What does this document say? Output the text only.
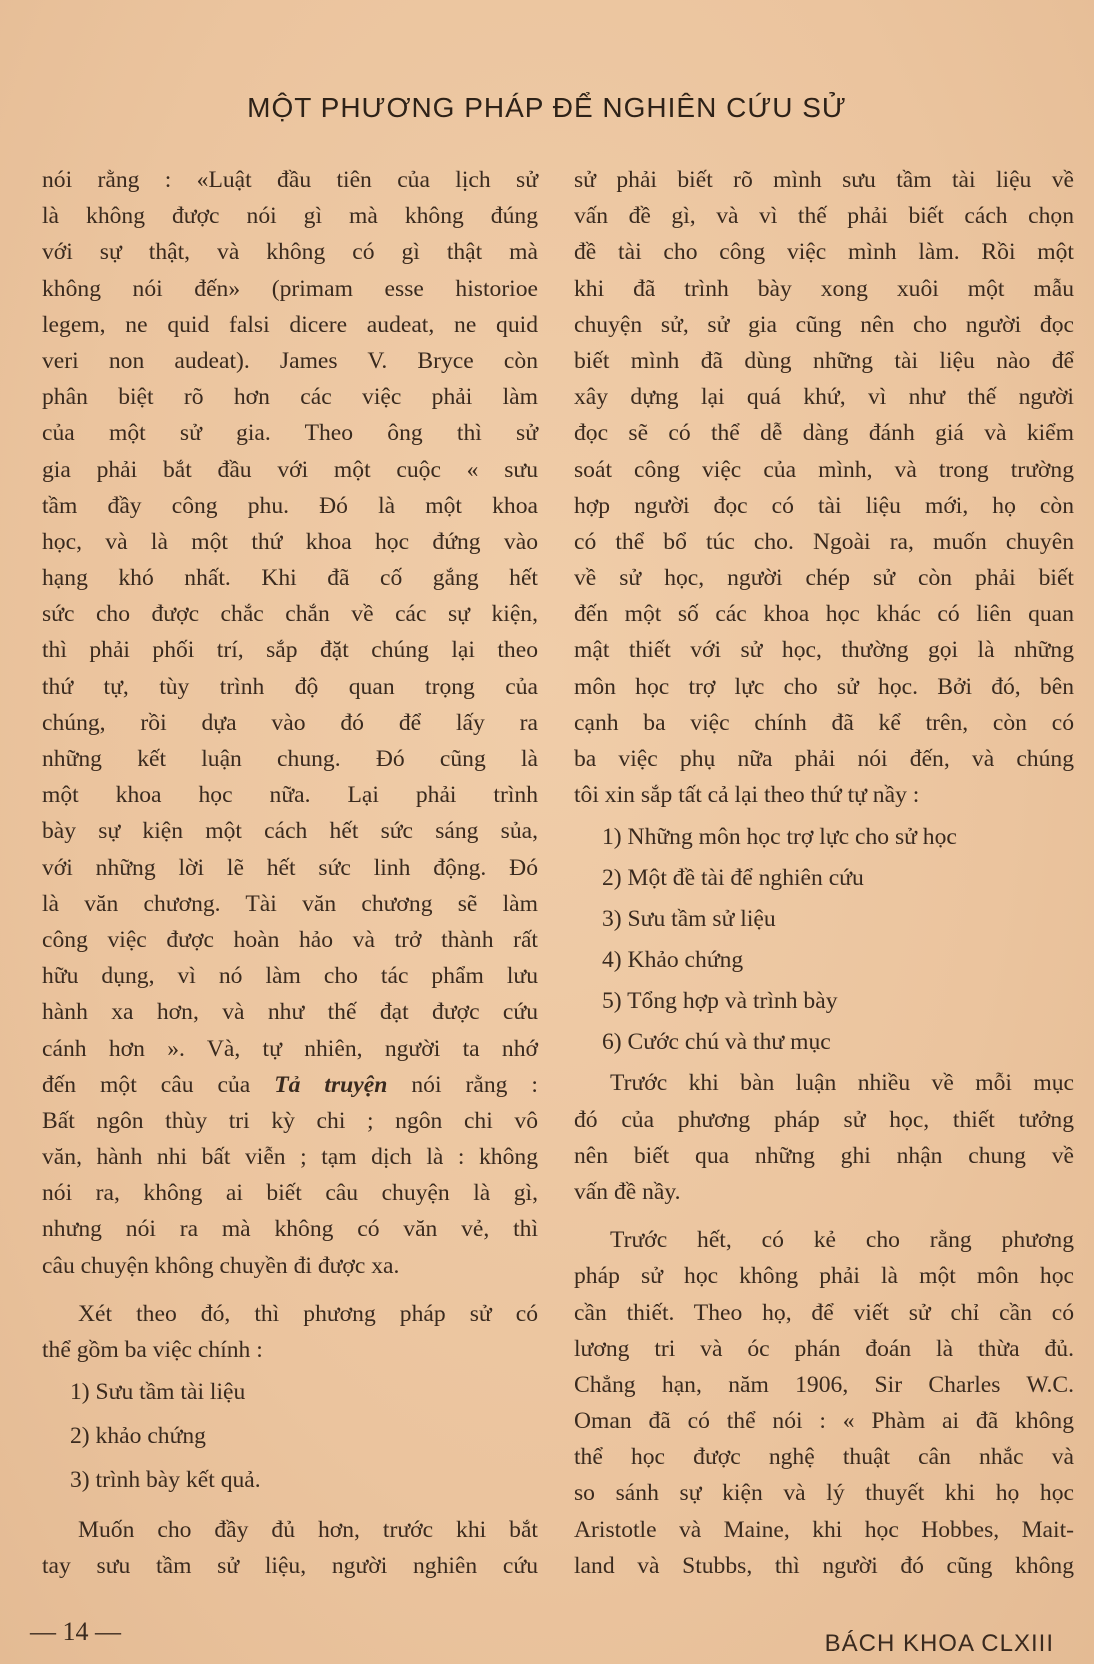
MỘT PHƯƠNG PHÁP ĐỂ NGHIÊN CỨU SỬ
nói rằng : «Luật đầu tiên của lịch sử
là không được nói gì mà không đúng
với sự thật, và không có gì thật mà
không nói đến» (primam esse historioe
legem, ne quid falsi dicere audeat, ne quid
veri non audeat). James V. Bryce còn
phân biệt rõ hơn các việc phải làm
của một sử gia. Theo ông thì sử
gia phải bắt đầu với một cuộc « sưu
tầm đầy công phu. Đó là một khoa
học, và là một thứ khoa học đứng vào
hạng khó nhất. Khi đã cố gắng hết
sức cho được chắc chắn về các sự kiện,
thì phải phối trí, sắp đặt chúng lại theo
thứ tự, tùy trình độ quan trọng của
chúng, rồi dựa vào đó để lấy ra
những kết luận chung. Đó cũng là
một khoa học nữa. Lại phải trình
bày sự kiện một cách hết sức sáng sủa,
với những lời lẽ hết sức linh động. Đó
là văn chương. Tài văn chương sẽ làm
công việc được hoàn hảo và trở thành rất
hữu dụng, vì nó làm cho tác phẩm lưu
hành xa hơn, và như thế đạt được cứu
cánh hơn ». Và, tự nhiên, người ta nhớ
đến một câu của Tả truyện nói rằng :
Bất ngôn thùy tri kỳ chi ; ngôn chi vô
văn, hành nhi bất viễn ; tạm dịch là : không
nói ra, không ai biết câu chuyện là gì,
nhưng nói ra mà không có văn vẻ, thì
câu chuyện không chuyền đi được xa.
Xét theo đó, thì phương pháp sử có
thể gồm ba việc chính :
1) Sưu tầm tài liệu
2) khảo chứng
3) trình bày kết quả.
Muốn cho đầy đủ hơn, trước khi bắt
tay sưu tầm sử liệu, người nghiên cứu
sử phải biết rõ mình sưu tầm tài liệu về
vấn đề gì, và vì thế phải biết cách chọn
đề tài cho công việc mình làm. Rồi một
khi đã trình bày xong xuôi một mẫu
chuyện sử, sử gia cũng nên cho người đọc
biết mình đã dùng những tài liệu nào để
xây dựng lại quá khứ, vì như thế người
đọc sẽ có thể dễ dàng đánh giá và kiểm
soát công việc của mình, và trong trường
hợp người đọc có tài liệu mới, họ còn
có thể bổ túc cho. Ngoài ra, muốn chuyên
về sử học, người chép sử còn phải biết
đến một số các khoa học khác có liên quan
mật thiết với sử học, thường gọi là những
môn học trợ lực cho sử học. Bởi đó, bên
cạnh ba việc chính đã kể trên, còn có
ba việc phụ nữa phải nói đến, và chúng
tôi xin sắp tất cả lại theo thứ tự nầy :
1) Những môn học trợ lực cho sử học
2) Một đề tài để nghiên cứu
3) Sưu tầm sử liệu
4) Khảo chứng
5) Tổng hợp và trình bày
6) Cước chú và thư mục
Trước khi bàn luận nhiều về mỗi mục
đó của phương pháp sử học, thiết tưởng
nên biết qua những ghi nhận chung về
vấn đề nầy.
Trước hết, có kẻ cho rằng phương
pháp sử học không phải là một môn học
cần thiết. Theo họ, để viết sử chỉ cần có
lương tri và óc phán đoán là thừa đủ.
Chẳng hạn, năm 1906, Sir Charles W.C.
Oman đã có thể nói : « Phàm ai đã không
thể học được nghệ thuật cân nhắc và
so sánh sự kiện và lý thuyết khi họ học
Aristotle và Maine, khi học Hobbes, Mait-
land và Stubbs, thì người đó cũng không
— 14 —	BÁCH KHOA CLXIII
